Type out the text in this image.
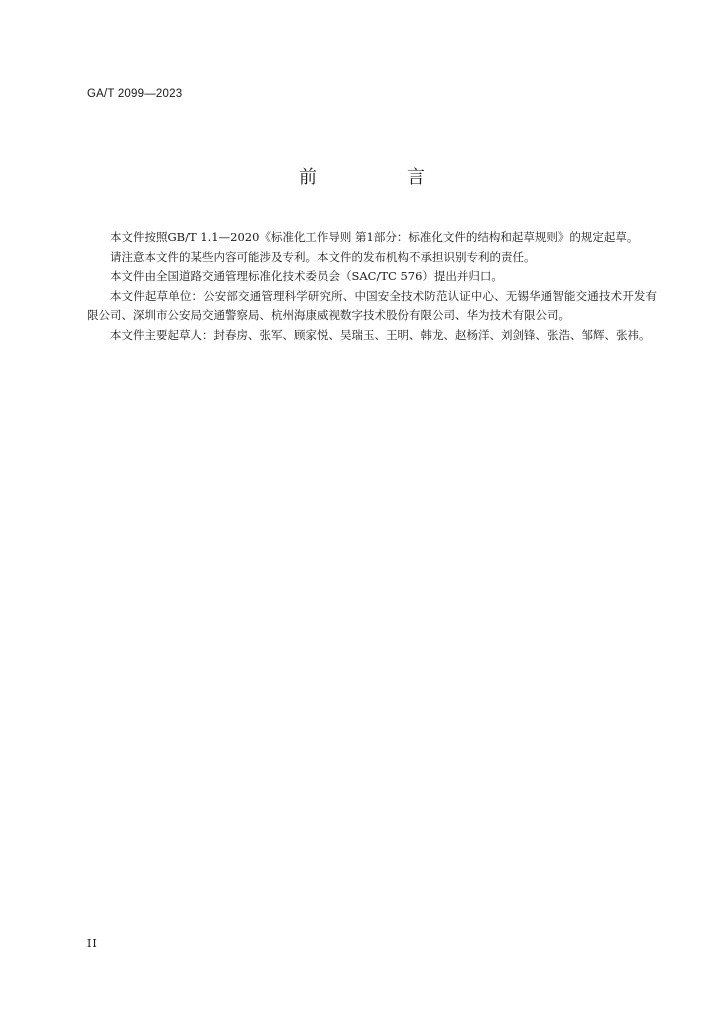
GA/T 2099—2023
前　言

本文件按照GB/T 1.1—2020《标准化工作导则 第1部分：标准化文件的结构和起草规则》的规定起草。

请注意本文件的某些内容可能涉及专利。本文件的发布机构不承担识别专利的责任。

本文件由全国道路交通管理标准化技术委员会（SAC/TC 576）提出并归口。

本文件起草单位：公安部交通管理科学研究所、中国安全技术防范认证中心、无锡华通智能交通技术开发有限公司、深圳市公安局交通警察局、杭州海康威视数字技术股份有限公司、华为技术有限公司。

本文件主要起草人：封春房、张军、顾家悦、吴瑞玉、王明、韩龙、赵杨洋、刘剑锋、张浩、邹辉、张祎。

II
